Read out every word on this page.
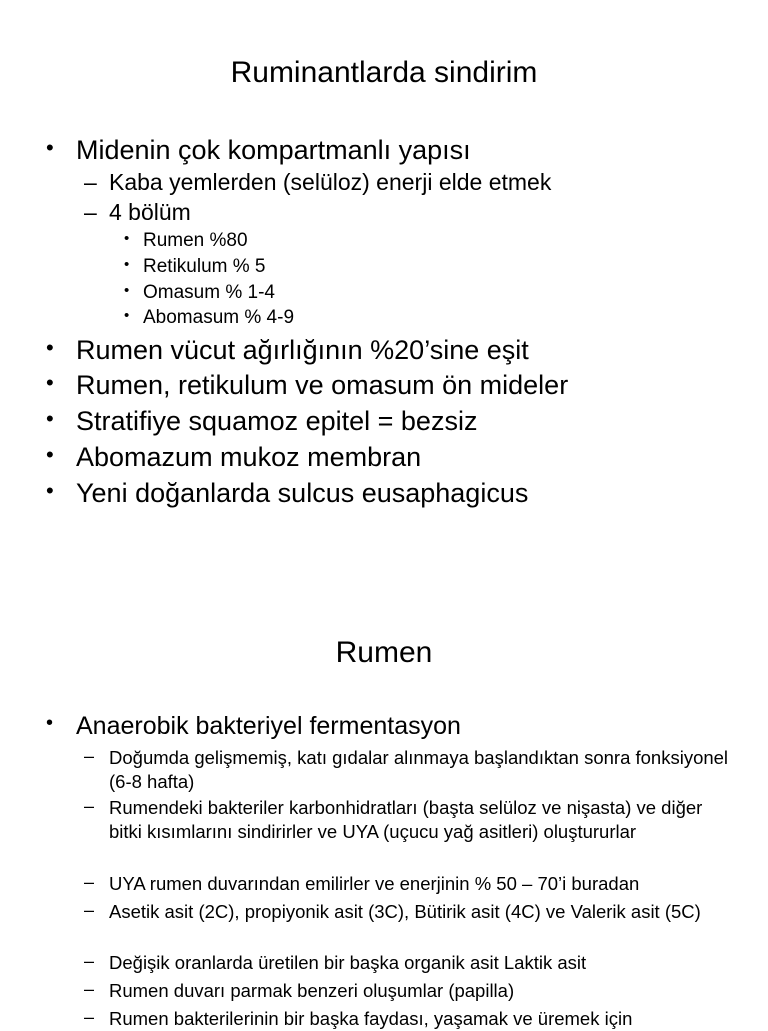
Ruminantlarda sindirim
• Midenin çok kompartmanlı yapısı
– Kaba yemlerden (selüloz) enerji elde etmek
– 4 bölüm
• Rumen %80
• Retikulum % 5
• Omasum % 1-4
• Abomasum % 4-9
• Rumen vücut ağırlığının %20’sine eşit
• Rumen, retikulum ve omasum ön mideler
• Stratifiye squamoz epitel = bezsiz
• Abomazum mukoz membran
• Yeni doğanlarda sulcus eusaphagicus
Rumen
• Anaerobik bakteriyel fermentasyon
– Doğumda gelişmemiş, katı gıdalar alınmaya başlandıktan sonra fonksiyonel (6-8 hafta)
– Rumendeki bakteriler karbonhidratları (başta selüloz ve nişasta) ve diğer bitki kısımlarını sindirirler ve UYA (uçucu yağ asitleri) oluştururlar
– UYA rumen duvarından emilirler ve enerjinin % 50 – 70’i buradan
– Asetik asit (2C), propiyonik asit (3C), Bütirik asit (4C) ve Valerik asit (5C)
– Değişik oranlarda üretilen bir başka organik asit Laktik asit
– Rumen duvarı parmak benzeri oluşumlar (papilla)
– Rumen bakterilerinin bir başka faydası, yaşamak ve üremek için
